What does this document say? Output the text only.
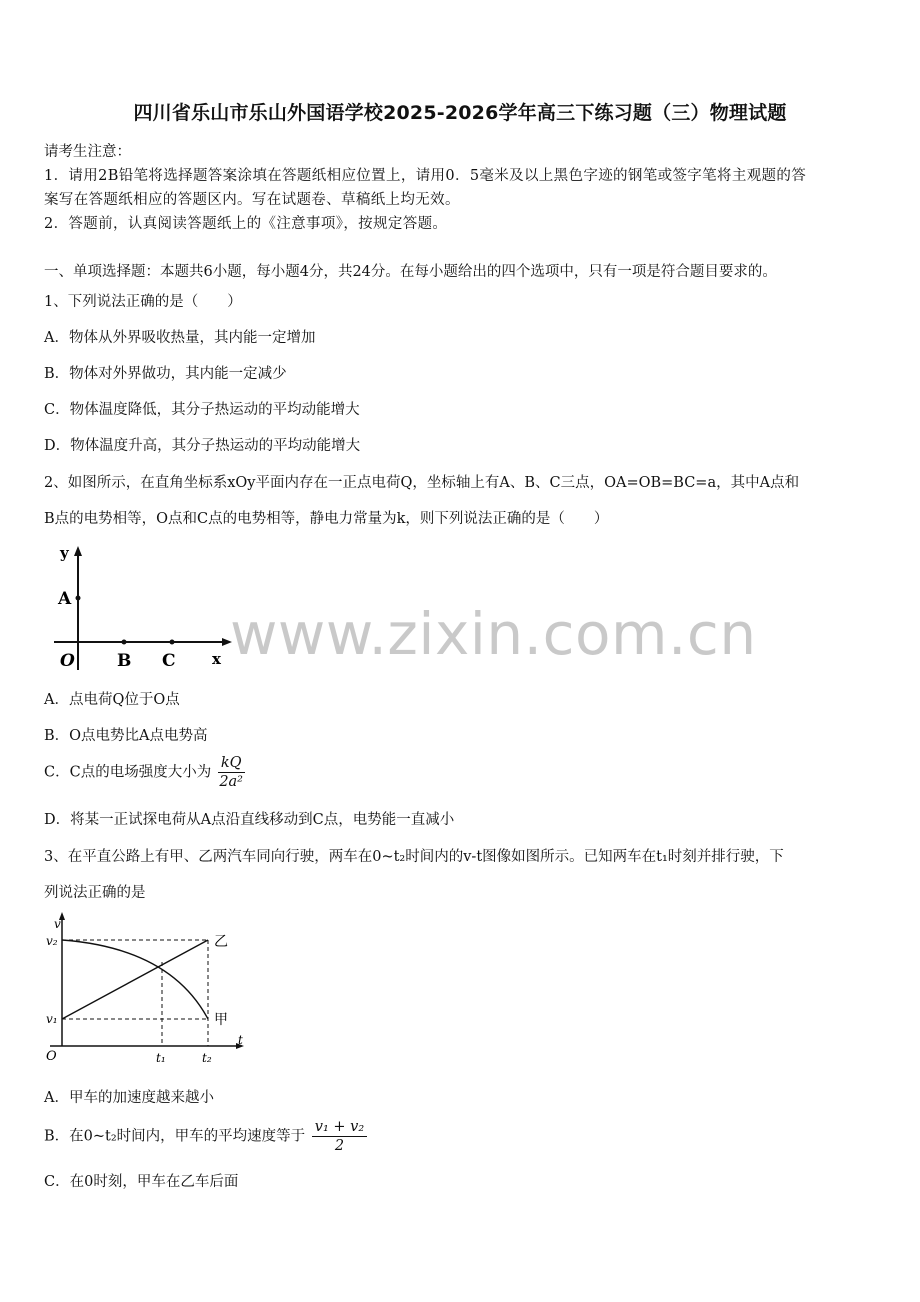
四川省乐山市乐山外国语学校2025-2026学年高三下练习题（三）物理试题
请考生注意：
1．请用2B铅笔将选择题答案涂填在答题纸相应位置上，请用0．5毫米及以上黑色字迹的钢笔或签字笔将主观题的答
案写在答题纸相应的答题区内。写在试题卷、草稿纸上均无效。
2．答题前，认真阅读答题纸上的《注意事项》，按规定答题。
一、单项选择题：本题共6小题，每小题4分，共24分。在每小题给出的四个选项中，只有一项是符合题目要求的。
1、下列说法正确的是（　　）
A．物体从外界吸收热量，其内能一定增加
B．物体对外界做功，其内能一定减少
C．物体温度降低，其分子热运动的平均动能增大
D．物体温度升高，其分子热运动的平均动能增大
2、如图所示，在直角坐标系xOy平面内存在一正点电荷Q，坐标轴上有A、B、C三点，OA=OB=BC=a，其中A点和
B点的电势相等，O点和C点的电势相等，静电力常量为k，则下列说法正确的是（　　）
y
A
O B C x www.zixin.com.cn
A．点电荷Q位于O点
B．O点电势比A点电势高
C．C点的电场强度大小为 $\frac{kQ}{\text{2a²}}$
D．将某一正试探电荷从A点沿直线移动到C点，电势能一直减小
3、在平直公路上有甲、乙两汽车同向行驶，两车在0~t₂时间内的v-t图像如图所示。已知两车在t₁时刻并排行驶，下
列说法正确的是
v
v₂
v₁
O
t
t₁	t₂
乙
甲
A．甲车的加速度越来越小
B．在0~t₂时间内，甲车的平均速度等于 $\frac{\text{v₁ + v₂}}{2}$
C．在0时刻，甲车在乙车后面
